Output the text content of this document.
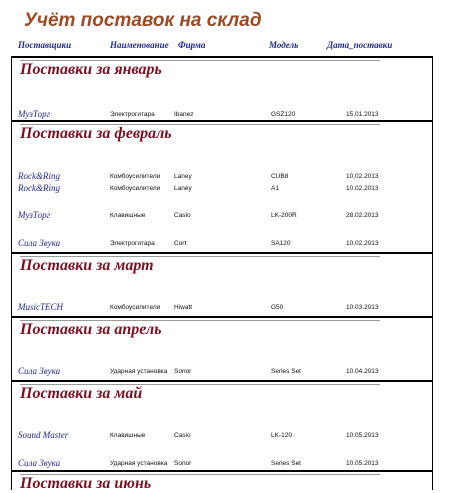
Учёт поставок на склад
Поставщики	Наименование Фирма	Модель	Дата_поставки
Поставки за январь
Поставки за февраль
Поставки за март
Поставки за апрель
Поставки за май
Поставки за июнь
МузТорг	Электрогитара	Ibanez	GSZ120	15.01.2013
Rock&Ring	Комбоусилители Laney	CUB8	10.02.2013
Rock&Ring	Комбоусилители Laney	A1	10.02.2013
МузТорг	Клавишные	Casio	LK-200R	28.02.2013
Сила Звука	Электрогитара	Cort	SA120	10.02.2013
MusicTECH	Комбоусилители Hiwatt	G50	10.03.2013
Сила Звука	Ударная установка Sonor	Series Set	10.04.2013
Sound Master	Клавишные	Casio	LK-120	10.05.2013
Сила Звука	Ударная установка Sonor	Series Set	10.05.2013
